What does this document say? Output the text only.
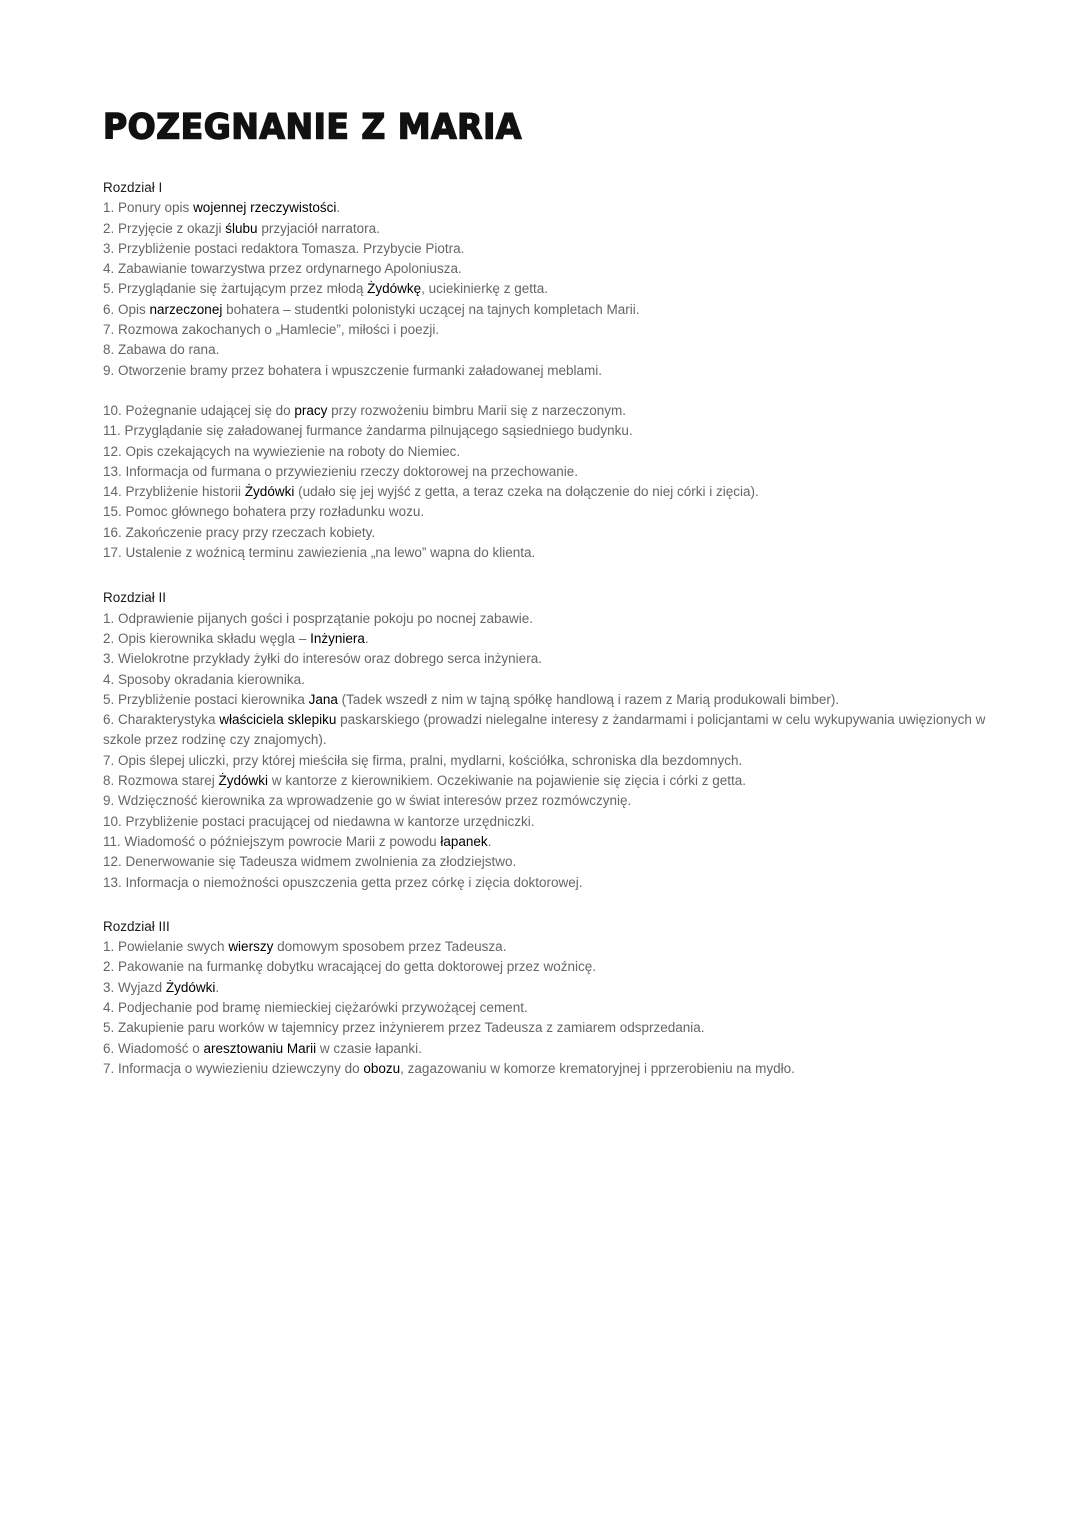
POZEGNANIE Z MARIA

Rozdział I

1. Ponury opis wojennej rzeczywistości.
2. Przyjęcie z okazji ślubu przyjaciół narratora.
3. Przybliżenie postaci redaktora Tomasza. Przybycie Piotra.
4. Zabawianie towarzystwa przez ordynarnego Apoloniusza.
5. Przyglądanie się żartującym przez młodą Żydówkę, uciekinierkę z getta.
6. Opis narzeczonej bohatera – studentki polonistyki uczącej na tajnych kompletach Marii.
7. Rozmowa zakochanych o „Hamlecie”, miłości i poezji.
8. Zabawa do rana.
9. Otworzenie bramy przez bohatera i wpuszczenie furmanki załadowanej meblami.
10. Pożegnanie udającej się do pracy przy rozwożeniu bimbru Marii się z narzeczonym.
11. Przyglądanie się załadowanej furmance żandarma pilnującego sąsiedniego budynku.
12. Opis czekających na wywiezienie na roboty do Niemiec.
13. Informacja od furmana o przywiezieniu rzeczy doktorowej na przechowanie.
14. Przybliżenie historii Żydówki (udało się jej wyjść z getta, a teraz czeka na dołączenie do niej córki i zięcia).
15. Pomoc głównego bohatera przy rozładunku wozu.
16. Zakończenie pracy przy rzeczach kobiety.
17. Ustalenie z woźnicą terminu zawiezienia „na lewo” wapna do klienta.

Rozdział II

1. Odprawienie pijanych gości i posprzątanie pokoju po nocnej zabawie.
2. Opis kierownika składu węgla – Inżyniera.
3. Wielokrotne przykłady żyłki do interesów oraz dobrego serca inżyniera.
4. Sposoby okradania kierownika.
5. Przybliżenie postaci kierownika Jana (Tadek wszedł z nim w tajną spółkę handlową i razem z Marią produkowali bimber).
6. Charakterystyka właściciela sklepiku paskarskiego (prowadzi nielegalne interesy z żandarmami i policjantami w celu wykupywania uwięzionych w szkole przez rodzinę czy znajomych).
7. Opis ślepej uliczki, przy której mieściła się firma, pralni, mydlarni, kościółka, schroniska dla bezdomnych.
8. Rozmowa starej Żydówki w kantorze z kierownikiem. Oczekiwanie na pojawienie się zięcia i córki z getta.
9. Wdzięczność kierownika za wprowadzenie go w świat interesów przez rozmówczynię.
10. Przybliżenie postaci pracującej od niedawna w kantorze urzędniczki.
11. Wiadomość o późniejszym powrocie Marii z powodu łapanek.
12. Denerwowanie się Tadeusza widmem zwolnienia za złodziejstwo.
13. Informacja o niemożności opuszczenia getta przez córkę i zięcia doktorowej.

Rozdział III

1. Powielanie swych wierszy domowym sposobem przez Tadeusza.
2. Pakowanie na furmankę dobytku wracającej do getta doktorowej przez woźnicę.
3. Wyjazd Żydówki.
4. Podjechanie pod bramę niemieckiej ciężarówki przywożącej cement.
5. Zakupienie paru worków w tajemnicy przez inżynierem przez Tadeusza z zamiarem odsprzedania.
6. Wiadomość o aresztowaniu Marii w czasie łapanki.
7. Informacja o wywiezieniu dziewczyny do obozu, zagazowaniu w komorze krematoryjnej i pprzerobieniu na mydło.
